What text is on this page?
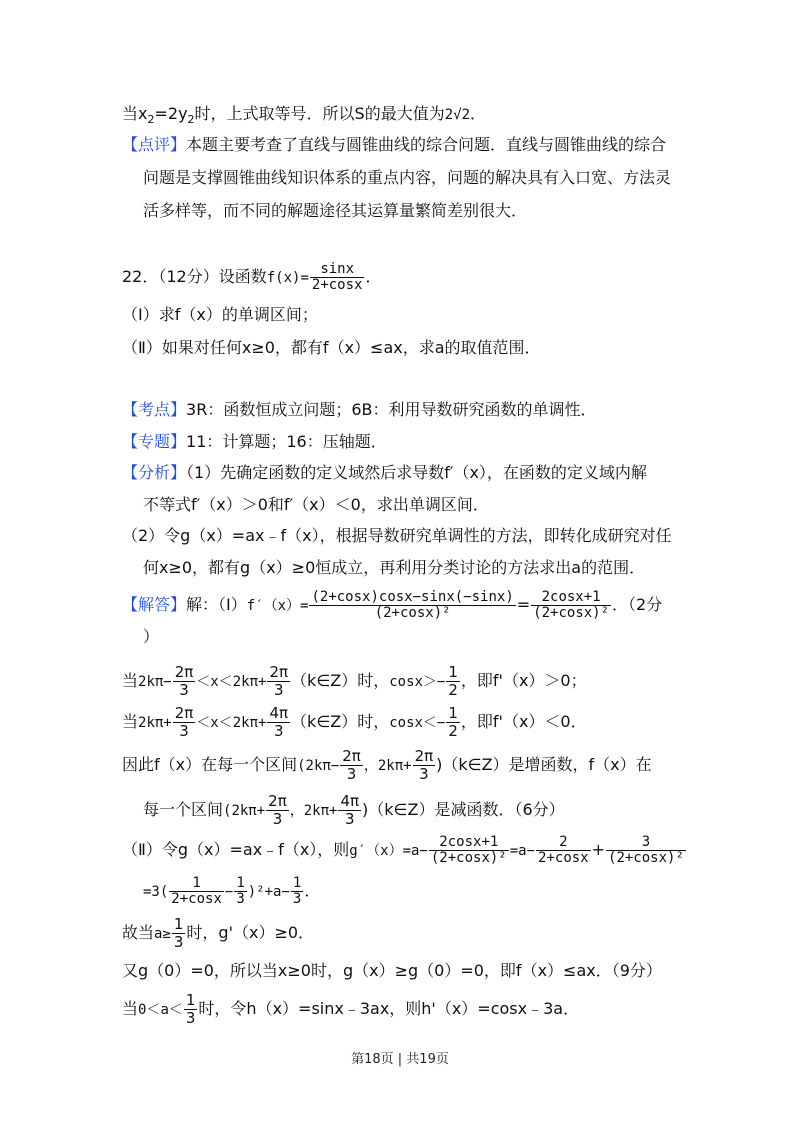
当$x_2=2y_2$时，上式取等号．所以S的最大值为2√2．
【点评】本题主要考查了直线与圆锥曲线的综合问题．直线与圆锥曲线的综合
问题是支撑圆锥曲线知识体系的重点内容，问题的解决具有入口宽、方法灵
活多样等，而不同的解题途径其运算量繁简差别很大．
22．（12分）设函数$f(x)= \frac{\sin x}{2+\cos x}$ ．
（Ⅰ）求f（x）的单调区间；
（Ⅱ）如果对任何x≥0，都有f（x）≤ax，求a的取值范围．
【考点】3R：函数恒成立问题；6B：利用导数研究函数的单调性．
【专题】11：计算题；16：压轴题．
【分析】（1）先确定函数的定义域然后求导数f′（x），在函数的定义域内解
不等式f′（x）＞0和f′（x）＜0，求出单调区间．
（2）令g（x）=ax﹣f（x），根据导数研究单调性的方法，即转化成研究对任
何x≥0，都有g（x）≥0恒成立，再利用分类讨论的方法求出a的范围．
【解答】解：（Ⅰ）f′（x）= $\frac{(2+\cos x)\cos x-\sin x(-\sin x)}{\text{(2+cosx)²}} = \frac{2\cos x+1}{\text{(2+cosx)²}}$ ．（2分
）
当$2k\pi- \frac{2\pi}{3} <x<2k\pi+ \frac{2\pi}{3}$ （k∈Z）时，$\cos x>- \frac{1}{2}$ ，即f'（x）＞0；
当$2k\pi+ \frac{2\pi}{3} <x<2k\pi+ \frac{4\pi}{3}$ （k∈Z）时，$\cos x<- \frac{1}{2}$ ，即f'（x）＜0．
因此f（x）在每一个区间($2k\pi- \frac{2\pi}{3}$ ，$2k\pi+ \frac{2\pi}{3}$ )（k∈Z）是增函数，f（x）在
每一个区间($2k\pi+ \frac{2\pi}{3}$ ，$2k\pi+ \frac{4\pi}{3}$ )（k∈Z）是减函数．（6分）
（Ⅱ）令g（x）=ax﹣f（x），则$g'(x)=a- \frac{2\cos x+1}{\text{(2+cosx)²}} =a- \frac{2}{2+\cos x} + \frac{3}{\text{(2+cosx)²}}$
$=3( \frac{1}{2+\cos x} - \frac{1}{3} )^2+a- \frac{1}{3}$ ．
故当$a\ge \frac{1}{3}$ 时，g'（x）≥0．
又g（0）=0，所以当x≥0时，g（x）≥g（0）=0，即f（x）≤ax．（9分）
当$0<a< \frac{1}{3}$ 时，令h（x）=sinx﹣3ax，则h'（x）=cosx﹣3a．
第18页 | 共19页
